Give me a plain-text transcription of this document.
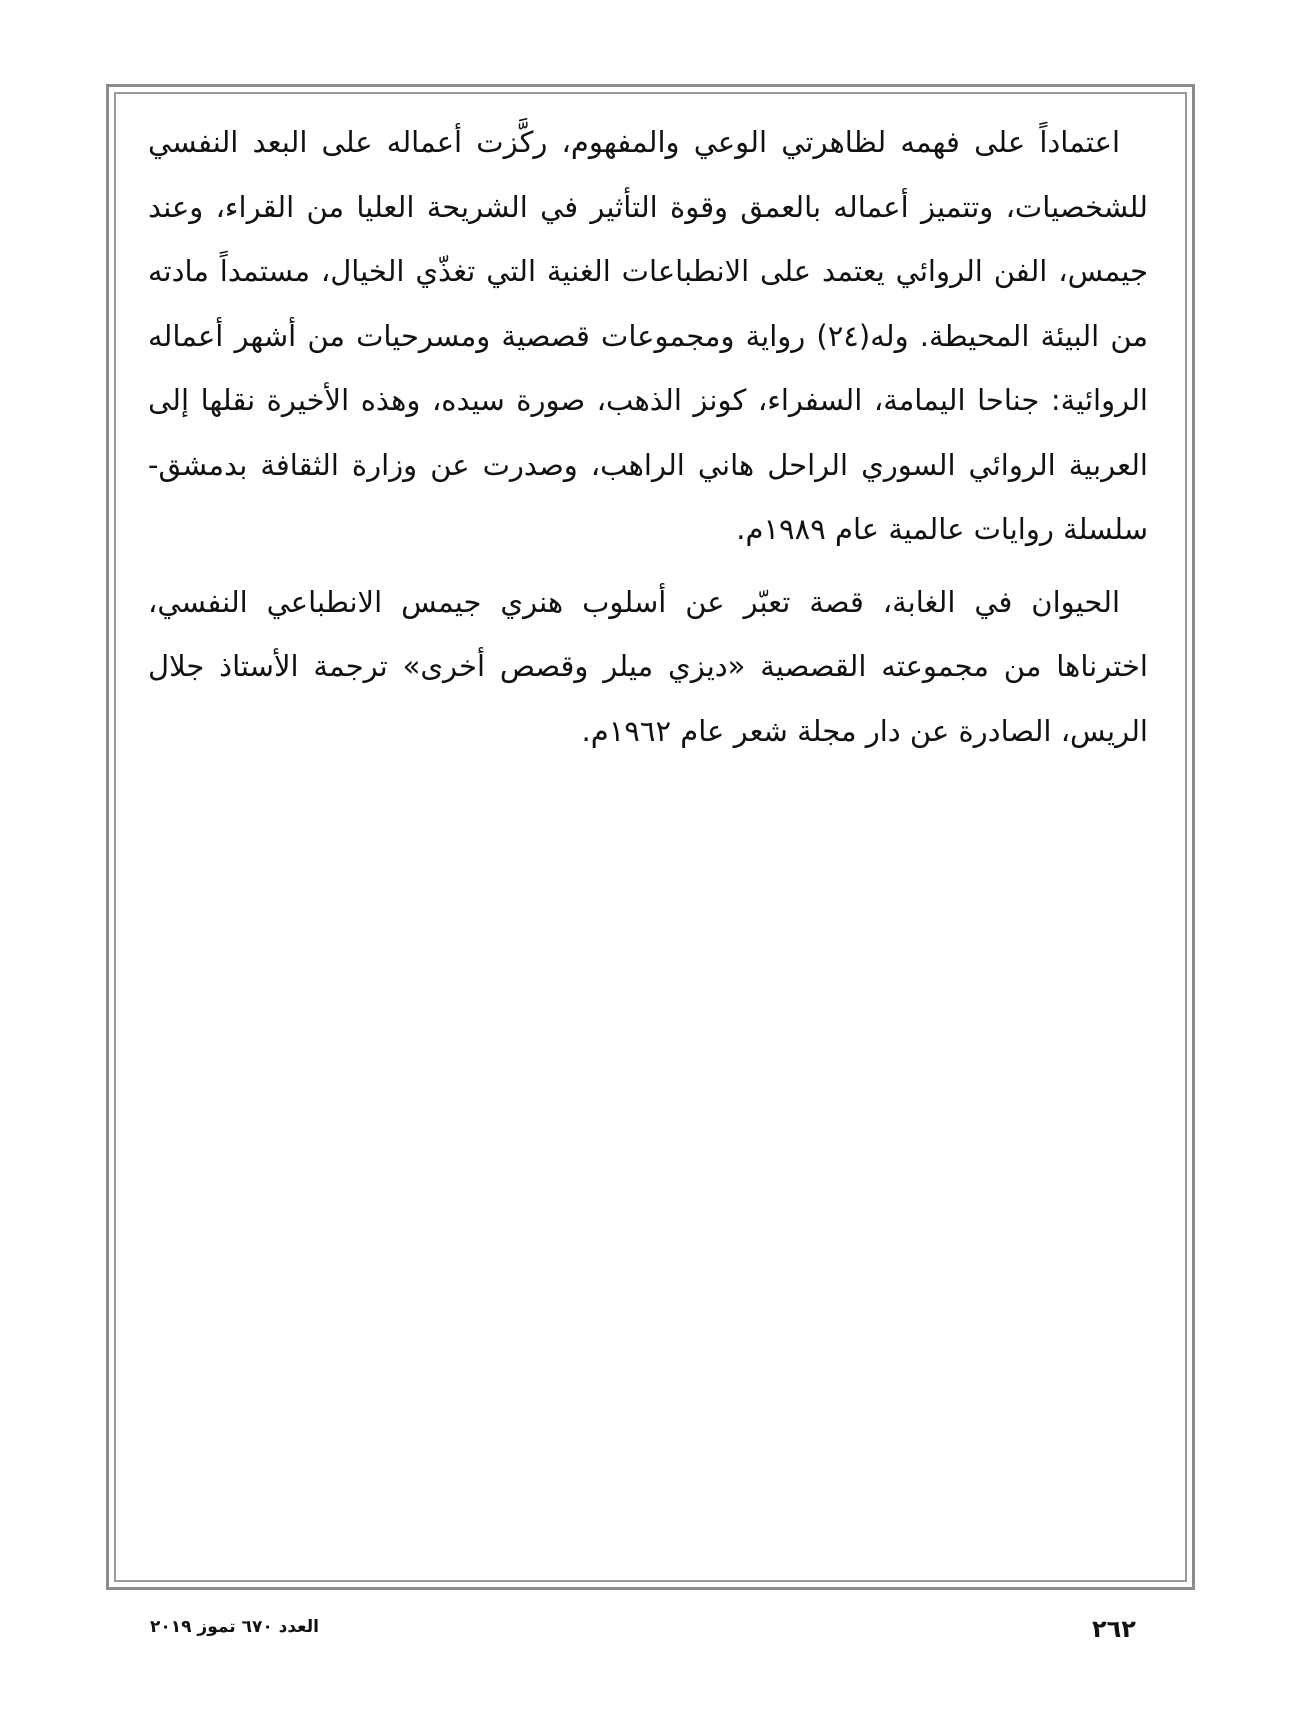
اعتماداً على فهمه لظاهرتي الوعي والمفهوم، ركَّزت أعماله على البعد النفسي للشخصيات، وتتميز أعماله بالعمق وقوة التأثير في الشريحة العليا من القراء، وعند جيمس، الفن الروائي يعتمد على الانطباعات الغنية التي تغذّي الخيال، مستمداً مادته من البيئة المحيطة. وله(٢٤) رواية ومجموعات قصصية ومسرحيات من أشهر أعماله الروائية: جناحا اليمامة، السفراء، كونز الذهب، صورة سيده، وهذه الأخيرة نقلها إلى العربية الروائي السوري الراحل هاني الراهب، وصدرت عن وزارة الثقافة بدمشق- سلسلة روايات عالمية عام ١٩٨٩م.

الحيوان في الغابة، قصة تعبّر عن أسلوب هنري جيمس الانطباعي النفسي، اخترناها من مجموعته القصصية «ديزي ميلر وقصص أخرى» ترجمة الأستاذ جلال الريس، الصادرة عن دار مجلة شعر عام ١٩٦٢م.

٢٦٢
العدد ٦٧٠ تموز ٢٠١٩
